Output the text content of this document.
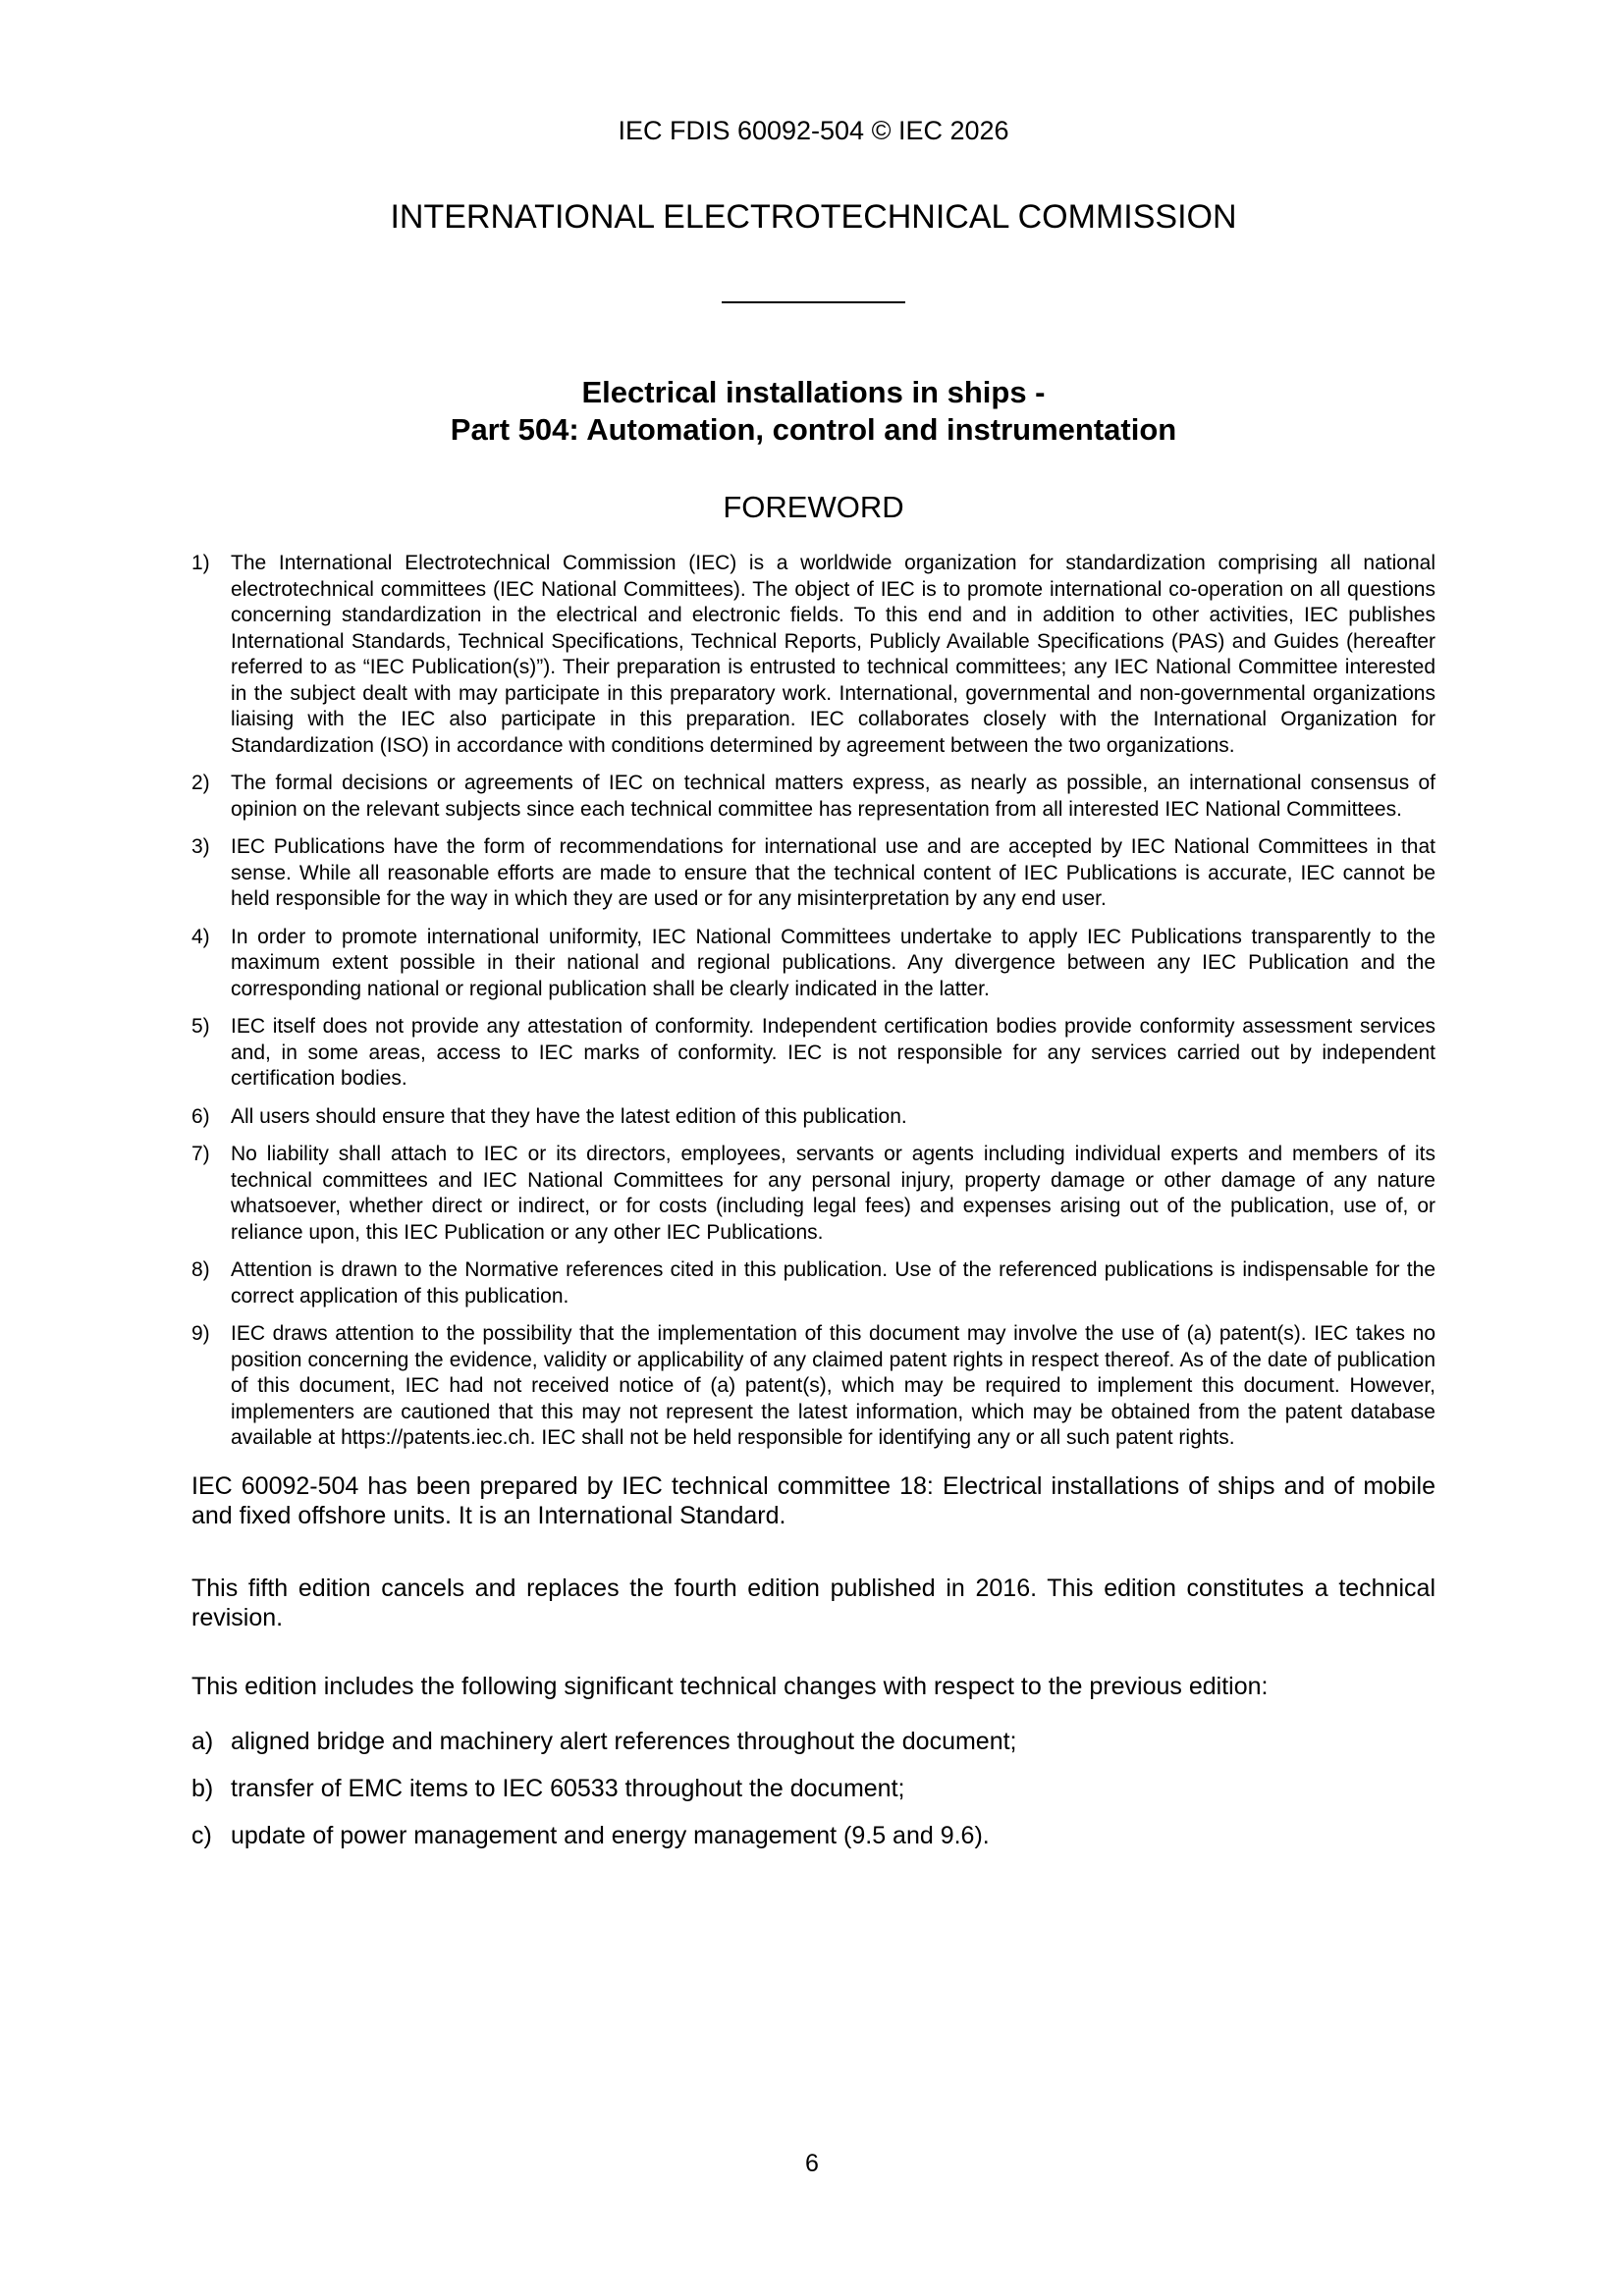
IEC FDIS 60092-504 © IEC 2026
INTERNATIONAL ELECTROTECHNICAL COMMISSION
Electrical installations in ships -
Part 504: Automation, control and instrumentation
FOREWORD
1)	The International Electrotechnical Commission (IEC) is a worldwide organization for standardization comprising all national electrotechnical committees (IEC National Committees). The object of IEC is to promote international co-operation on all questions concerning standardization in the electrical and electronic fields. To this end and in addition to other activities, IEC publishes International Standards, Technical Specifications, Technical Reports, Publicly Available Specifications (PAS) and Guides (hereafter referred to as “IEC Publication(s)”). Their preparation is entrusted to technical committees; any IEC National Committee interested in the subject dealt with may participate in this preparatory work. International, governmental and non-governmental organizations liaising with the IEC also participate in this preparation. IEC collaborates closely with the International Organization for Standardization (ISO) in accordance with conditions determined by agreement between the two organizations.
2)	The formal decisions or agreements of IEC on technical matters express, as nearly as possible, an international consensus of opinion on the relevant subjects since each technical committee has representation from all interested IEC National Committees.
3)	IEC Publications have the form of recommendations for international use and are accepted by IEC National Committees in that sense. While all reasonable efforts are made to ensure that the technical content of IEC Publications is accurate, IEC cannot be held responsible for the way in which they are used or for any misinterpretation by any end user.
4)	In order to promote international uniformity, IEC National Committees undertake to apply IEC Publications transparently to the maximum extent possible in their national and regional publications. Any divergence between any IEC Publication and the corresponding national or regional publication shall be clearly indicated in the latter.
5)	IEC itself does not provide any attestation of conformity. Independent certification bodies provide conformity assessment services and, in some areas, access to IEC marks of conformity. IEC is not responsible for any services carried out by independent certification bodies.
6)	All users should ensure that they have the latest edition of this publication.
7)	No liability shall attach to IEC or its directors, employees, servants or agents including individual experts and members of its technical committees and IEC National Committees for any personal injury, property damage or other damage of any nature whatsoever, whether direct or indirect, or for costs (including legal fees) and expenses arising out of the publication, use of, or reliance upon, this IEC Publication or any other IEC Publications.
8)	Attention is drawn to the Normative references cited in this publication. Use of the referenced publications is indispensable for the correct application of this publication.
9)	IEC draws attention to the possibility that the implementation of this document may involve the use of (a) patent(s). IEC takes no position concerning the evidence, validity or applicability of any claimed patent rights in respect thereof. As of the date of publication of this document, IEC had not received notice of (a) patent(s), which may be required to implement this document. However, implementers are cautioned that this may not represent the latest information, which may be obtained from the patent database available at https://patents.iec.ch. IEC shall not be held responsible for identifying any or all such patent rights.
IEC 60092-504 has been prepared by IEC technical committee 18: Electrical installations of ships and of mobile and fixed offshore units. It is an International Standard.
This fifth edition cancels and replaces the fourth edition published in 2016. This edition constitutes a technical revision.
This edition includes the following significant technical changes with respect to the previous edition:
a) aligned bridge and machinery alert references throughout the document;
b) transfer of EMC items to IEC 60533 throughout the document;
c) update of power management and energy management (9.5 and 9.6).
6
